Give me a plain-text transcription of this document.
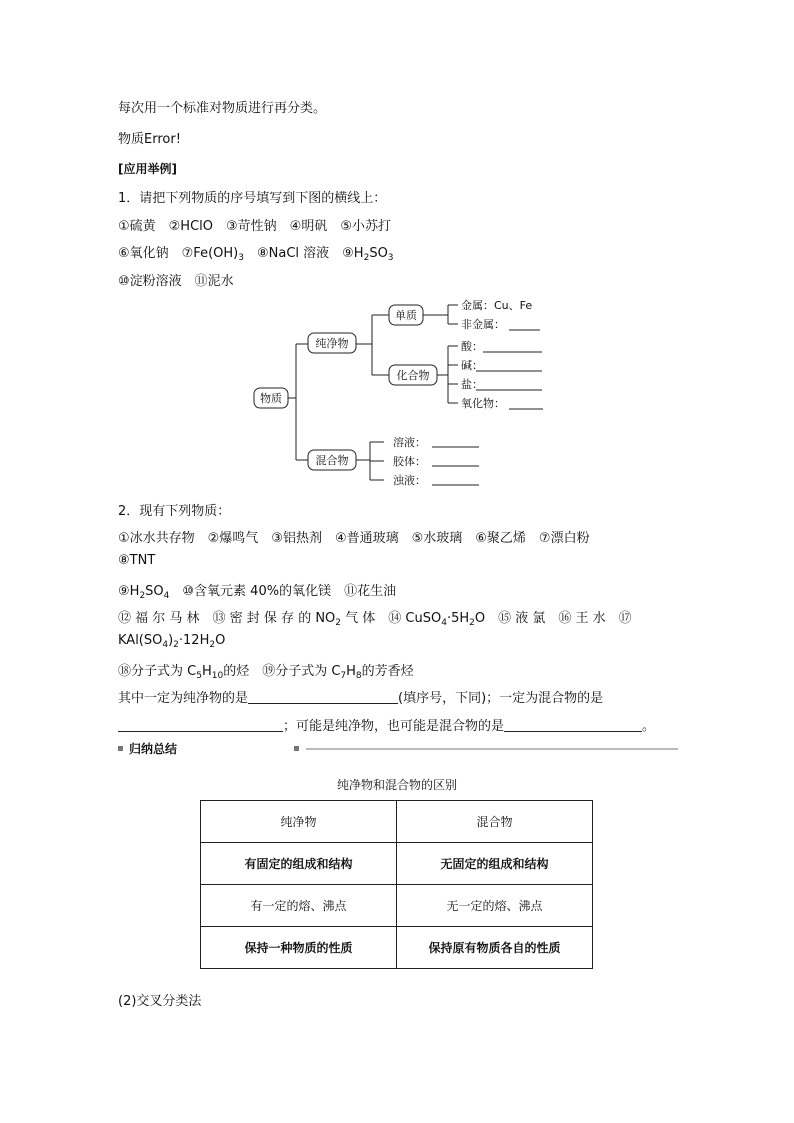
每次用一个标准对物质进行再分类。
物质Error!
[应用举例]
1．请把下列物质的序号填写到下图的横线上：
①硫黄　②HClO　③苛性钠　④明矾　⑤小苏打
⑥氧化钠　$⑦Fe(OH)_3$　⑧NaCl 溶液　$⑨H_2SO_3$
⑩淀粉溶液　⑪泥水
物质
纯净物
混合物
单质
化合物
金属：Cu、Fe
非金属：
酸：
碱：
盐：
氧化物：
溶液：
胶体：
浊液：
2．现有下列物质：
①冰水共存物　②爆鸣气　③铝热剂　④普通玻璃　⑤水玻璃　⑥聚乙烯　⑦漂白粉
⑧TNT
$⑨H_2SO_4$　⑩含氧元素 40%的氧化镁　⑪花生油
⑫ 福 尔 马 林　⑬ 密 封 保 存 的 $NO_2$ 气 体　⑭ $CuSO_4\cdot 5H_2O$　⑮ 液 氯　⑯ 王 水　⑰
$KAl(SO_4)_2\cdot 12H_2O$
⑱分子式为 $C_5H_{10}$的烃　⑲分子式为 $C_7H_8$的芳香烃
其中一定为纯净物的是	(填序号，下同)；一定为混合物的是
；可能是纯净物，也可能是混合物的是	。
归纳总结
纯净物和混合物的区别
纯净物	混合物
有固定的组成和结构	无固定的组成和结构
有一定的熔、沸点	无一定的熔、沸点
保持一种物质的性质	保持原有物质各自的性质
(2)交叉分类法
